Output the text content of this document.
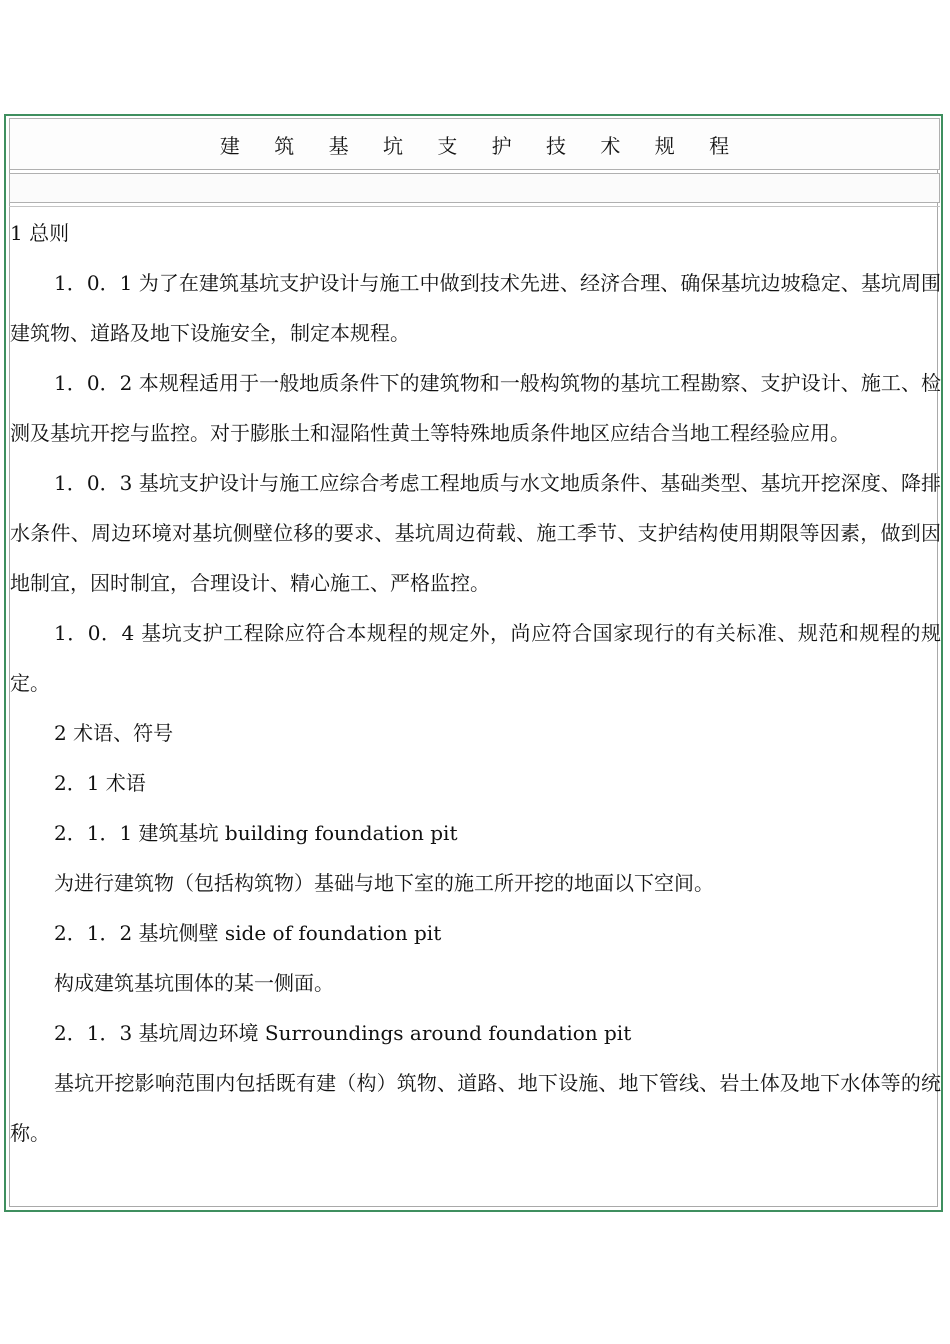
建 筑 基 坑 支 护 技 术 规 程

1 总则

1．0．1 为了在建筑基坑支护设计与施工中做到技术先进、经济合理、确保基坑边坡稳定、基坑周围建筑物、道路及地下设施安全，制定本规程。

1．0．2 本规程适用于一般地质条件下的建筑物和一般构筑物的基坑工程勘察、支护设计、施工、检测及基坑开挖与监控。对于膨胀土和湿陷性黄土等特殊地质条件地区应结合当地工程经验应用。

1．0．3 基坑支护设计与施工应综合考虑工程地质与水文地质条件、基础类型、基坑开挖深度、降排水条件、周边环境对基坑侧壁位移的要求、基坑周边荷载、施工季节、支护结构使用期限等因素，做到因地制宜，因时制宜，合理设计、精心施工、严格监控。

1．0．4 基坑支护工程除应符合本规程的规定外，尚应符合国家现行的有关标准、规范和规程的规定。

2 术语、符号

2．1 术语

2．1．1 建筑基坑 building foundation pit

为进行建筑物（包括构筑物）基础与地下室的施工所开挖的地面以下空间。

2．1．2 基坑侧壁 side of foundation pit

构成建筑基坑围体的某一侧面。

2．1．3 基坑周边环境 Surroundings around foundation pit

基坑开挖影响范围内包括既有建（构）筑物、道路、地下设施、地下管线、岩土体及地下水体等的统称。
